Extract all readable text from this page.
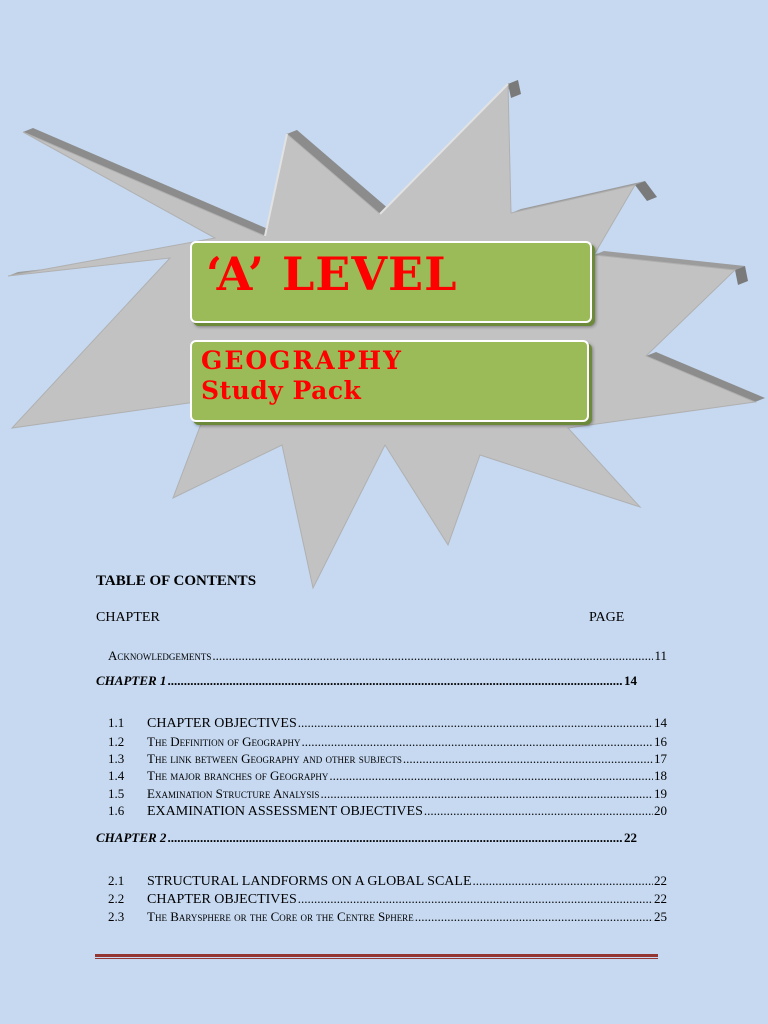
‘A’ LEVEL
GEOGRAPHY
Study Pack
TABLE OF CONTENTS
CHAPTER	PAGE
Acknowledgements .....	11
CHAPTER 1 .....	14
1.1	CHAPTER OBJECTIVES .....	14
1.2	The Definition of Geography .....	16
1.3	The link between Geography and other subjects .....	17
1.4	The major branches of Geography .....	18
1.5	Examination Structure Analysis .....	19
1.6	EXAMINATION ASSESSMENT OBJECTIVES .....	20
CHAPTER 2 .....	22
2.1	STRUCTURAL LANDFORMS ON A GLOBAL SCALE .....	22
2.2	CHAPTER OBJECTIVES .....	22
2.3	The Barysphere or the Core or the Centre Sphere .....	25
